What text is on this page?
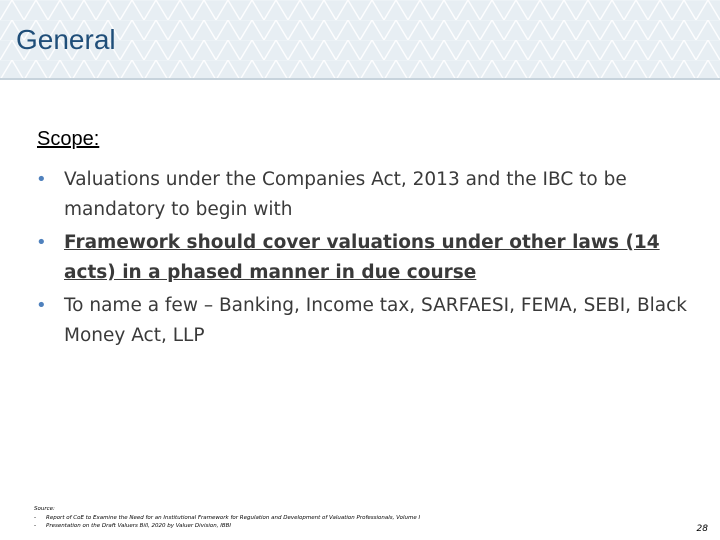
General

Scope:

• Valuations under the Companies Act, 2013 and the IBC to be mandatory to begin with
• Framework should cover valuations under other laws (14 acts) in a phased manner in due course
• To name a few – Banking, Income tax, SARFAESI, FEMA, SEBI, Black Money Act, LLP
Source:
- Report of CoE to Examine the Need for an Institutional Framework for Regulation and Development of Valuation Professionals, Volume I
- Presentation on the Draft Valuers Bill, 2020 by Valuer Division, IBBI	28
